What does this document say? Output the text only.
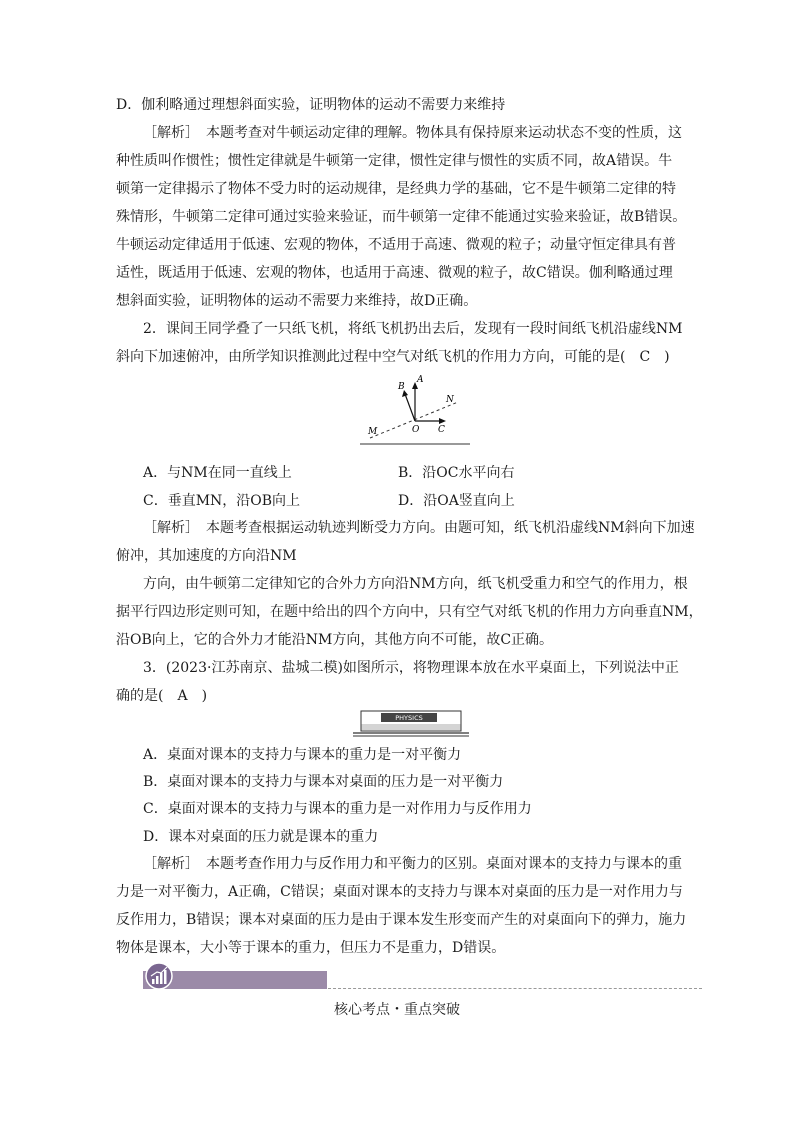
D．伽利略通过理想斜面实验，证明物体的运动不需要力来维持
［解析］　本题考查对牛顿运动定律的理解。物体具有保持原来运动状态不变的性质，这
种性质叫作惯性；惯性定律就是牛顿第一定律，惯性定律与惯性的实质不同，故A错误。牛
顿第一定律揭示了物体不受力时的运动规律，是经典力学的基础，它不是牛顿第二定律的特
殊情形，牛顿第二定律可通过实验来验证，而牛顿第一定律不能通过实验来验证，故B错误。
牛顿运动定律适用于低速、宏观的物体，不适用于高速、微观的粒子；动量守恒定律具有普
适性，既适用于低速、宏观的物体，也适用于高速、微观的粒子，故C错误。伽利略通过理
想斜面实验，证明物体的运动不需要力来维持，故D正确。
2．课间王同学叠了一只纸飞机，将纸飞机扔出去后，发现有一段时间纸飞机沿虚线NM
斜向下加速俯冲，由所学知识推测此过程中空气对纸飞机的作用力方向，可能的是(　C　)
A
B
C
O
M
N
A．与NM在同一直线上	B．沿OC水平向右
C．垂直MN，沿OB向上	D．沿OA竖直向上
［解析］　本题考查根据运动轨迹判断受力方向。由题可知，纸飞机沿虚线NM斜向下加速
俯冲，其加速度的方向沿NM
方向，由牛顿第二定律知它的合外力方向沿NM方向，纸飞机受重力和空气的作用力，根
据平行四边形定则可知，在题中给出的四个方向中，只有空气对纸飞机的作用力方向垂直NM，
沿OB向上，它的合外力才能沿NM方向，其他方向不可能，故C正确。
3．(2023·江苏南京、盐城二模)如图所示，将物理课本放在水平桌面上，下列说法中正
确的是(　A　)
PHYSICS
A．桌面对课本的支持力与课本的重力是一对平衡力
B．桌面对课本的支持力与课本对桌面的压力是一对平衡力
C．桌面对课本的支持力与课本的重力是一对作用力与反作用力
D．课本对桌面的压力就是课本的重力
［解析］　本题考查作用力与反作用力和平衡力的区别。桌面对课本的支持力与课本的重
力是一对平衡力，A正确，C错误；桌面对课本的支持力与课本对桌面的压力是一对作用力与
反作用力，B错误；课本对桌面的压力是由于课本发生形变而产生的对桌面向下的弹力，施力
物体是课本，大小等于课本的重力，但压力不是重力，D错误。
核心考点・重点突破
